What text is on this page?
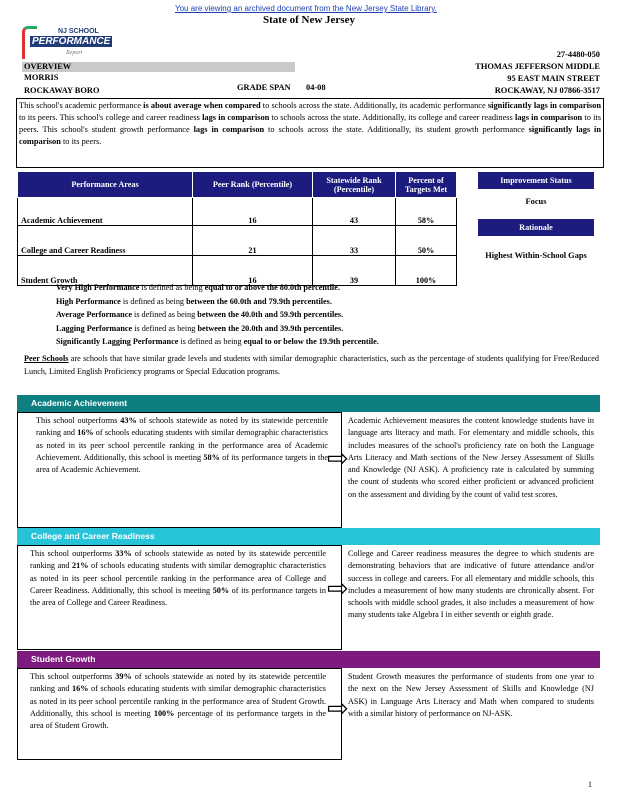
You are viewing an archived document from the New Jersey State Library.
State of New Jersey
NJ SCHOOL
PERFORMANCE
Report	27-4480-050
THOMAS JEFFERSON MIDDLE
95 EAST MAIN STREET
ROCKAWAY, NJ 07866-3517
OVERVIEW
MORRIS
ROCKAWAY BORO	GRADE SPAN 04-08
This school's academic performance is about average when compared to schools across the state. Additionally, its academic performance significantly lags in comparison to its peers. This school's college and career readiness lags in comparison to schools across the state. Additionally, its college and career readiness lags in comparison to its peers. This school's student growth performance lags in comparison to schools across the state. Additionally, its student growth performance significantly lags in comparison to its peers.
Performance Areas	Peer Rank (Percentile)	Statewide Rank (Percentile)	Percent of Targets Met
Academic Achievement	16	43	58%
College and Career Readiness	21	33	50%
Student Growth	16	39	100%
Improvement Status
Focus
Rationale
Highest Within-School Gaps
Very High Performance is defined as being equal to or above the 80.0th percentile.
High Performance is defined as being between the 60.0th and 79.9th percentiles.
Average Performance is defined as being between the 40.0th and 59.9th percentiles.
Lagging Performance is defined as being between the 20.0th and 39.9th percentiles.
Significantly Lagging Performance is defined as being equal to or below the 19.9th percentile.
Peer Schools are schools that have similar grade levels and students with similar demographic characteristics, such as the percentage of students qualifying for Free/Reduced Lunch, Limited English Proficiency programs or Special Education programs.
Academic Achievement
This school outperforms 43% of schools statewide as noted by its statewide percentile ranking and 16% of schools educating students with similar demographic characteristics as noted in its peer school percentile ranking in the performance area of Academic Achievement. Additionally, this school is meeting 58% of its performance targets in the area of Academic Achievement.	⇨
Academic Achievement measures the content knowledge students have in language arts literacy and math. For elementary and middle schools, this includes measures of the school's proficiency rate on both the Language Arts Literacy and Math sections of the New Jersey Assessment of Skills and Knowledge (NJ ASK). A proficiency rate is calculated by summing the count of students who scored either proficient or advanced proficient on the assessment and dividing by the count of valid test scores.
College and Career Readiness
This school outperforms 33% of schools statewide as noted by its statewide percentile ranking and 21% of schools educating students with similar demographic characteristics as noted in its peer school percentile ranking in the performance area of College and Career Readiness. Additionally, this school is meeting 50% of its performance targets in the area of College and Career Readiness.	⇨
College and Career readiness measures the degree to which students are demonstrating behaviors that are indicative of future attendance and/or success in college and careers. For all elementary and middle schools, this includes a measurement of how many students are chronically absent. For schools with middle school grades, it also includes a measurement of how many students take Algebra I in either seventh or eighth grade.
Student Growth
This school outperforms 39% of schools statewide as noted by its statewide percentile ranking and 16% of schools educating students with similar demographic characteristics as noted in its peer school percentile ranking in the performance area of Student Growth. Additionally, this school is meeting 100% percentage of its performance targets in the area of Student Growth.
⇨
Student Growth measures the performance of students from one year to the next on the New Jersey Assessment of Skills and Knowledge (NJ ASK) in Language Arts Literacy and Math when compared to students with a similar history of performance on NJ-ASK.
1
